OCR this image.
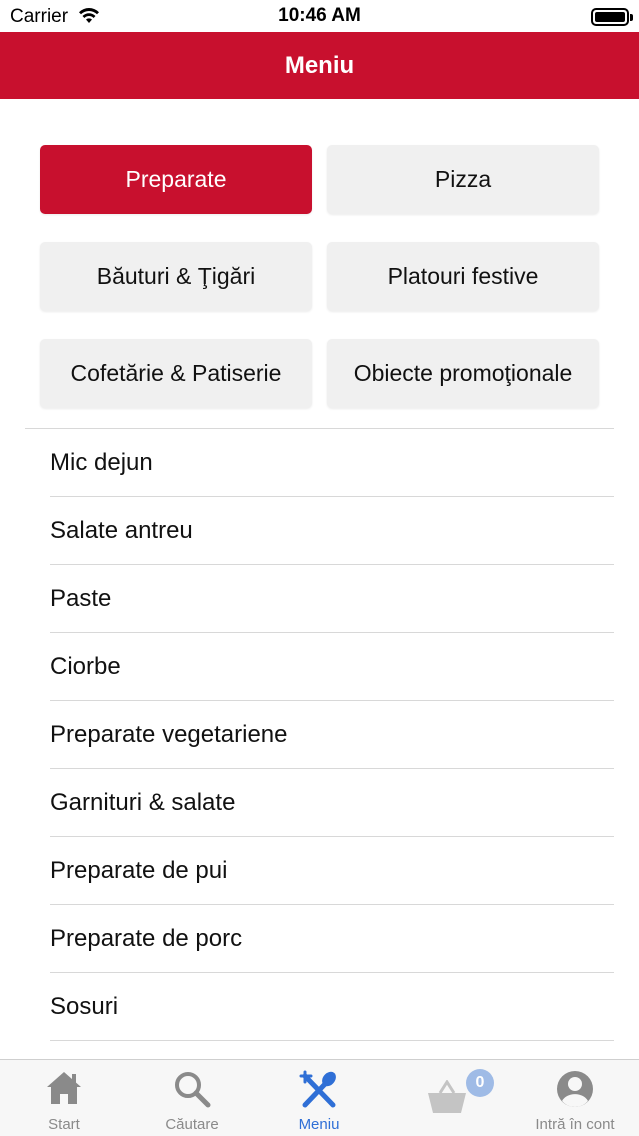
Carrier	10:46 AM
Meniu
Preparate	Pizza
Băuturi & Ţigări	Platouri festive
Cofetărie & Patiserie	Obiecte promoţionale
Mic dejun
Salate antreu
Paste
Ciorbe
Preparate vegetariene
Garnituri & salate
Preparate de pui
Preparate de porc
Sosuri
Start	Căutare	Meniu	Intră în cont
0
